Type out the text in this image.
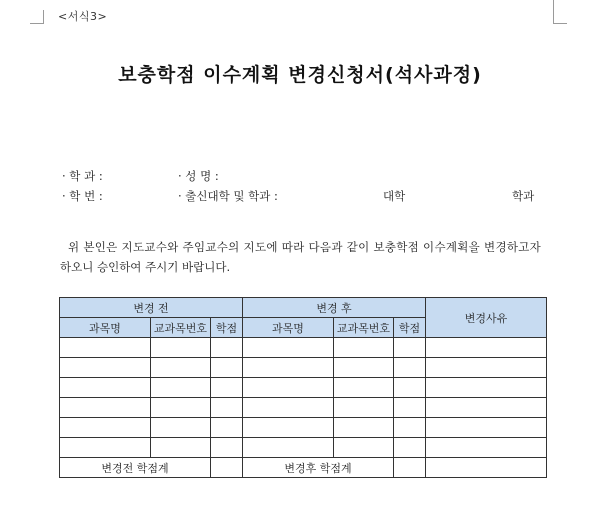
<서식3>
보충학점 이수계획 변경신청서(석사과정)
· 학 과 :	· 성 명 :
· 학 번 :	· 출신대학 및 학과 :	대학	학과
위 본인은 지도교수와 주임교수의 지도에 따라 다음과 같이 보충학점 이수계획을 변경하고자
하오니 승인하여 주시기 바랍니다.
변경 전			변경 후			변경사유
과목명	교과목번호	학점	과목명	교과목번호	학점	

변경전 학점계			변경후 학점계			
